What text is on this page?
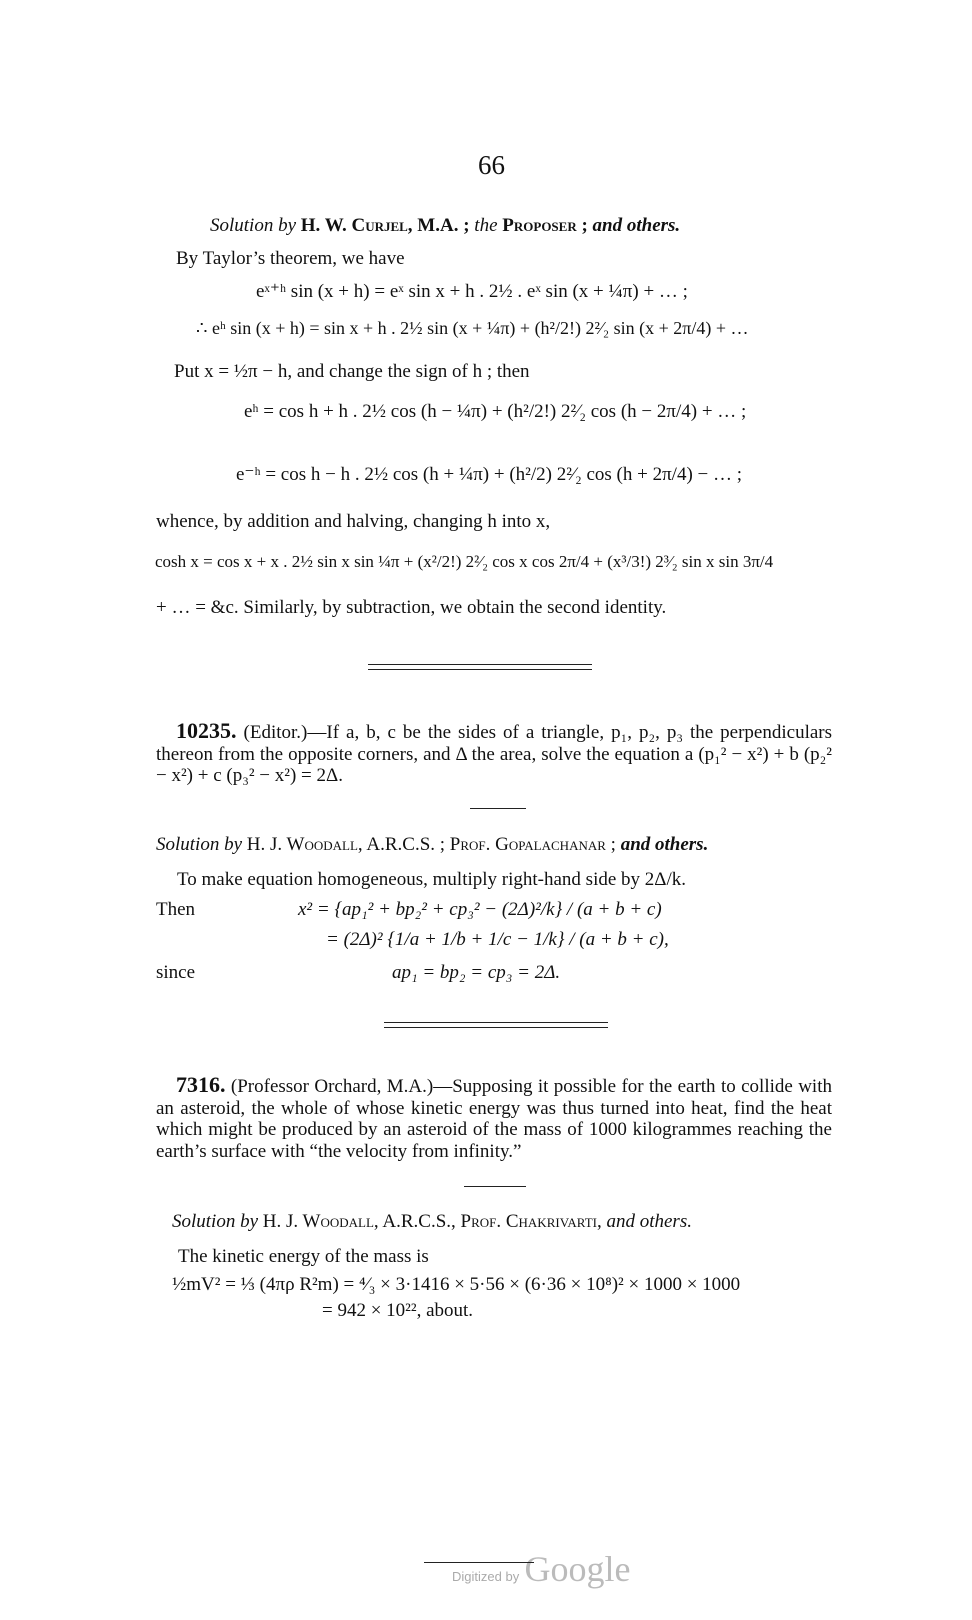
66
Solution by H. W. Curjel, M.A. ; the Proposer ; and others.
By Taylor’s theorem, we have
eˣ⁺ʰ sin (x + h) = eˣ sin x + h . 2½ . eˣ sin (x + ¼π) + … ;
∴ eʰ sin (x + h) = sin x + h . 2½ sin (x + ¼π) + (h²/2!) 2²⁄₂ sin (x + 2π/4) + …
Put x = ½π − h, and change the sign of h ; then
eʰ = cos h + h . 2½ cos (h − ¼π) + (h²/2!) 2²⁄₂ cos (h − 2π/4) + … ;
e⁻ʰ = cos h − h . 2½ cos (h + ¼π) + (h²/2) 2²⁄₂ cos (h + 2π/4) − … ;
whence, by addition and halving, changing h into x,
cosh x = cos x + x . 2½ sin x sin ¼π + (x²/2!) 2²⁄₂ cos x cos 2π/4 + (x³/3!) 2³⁄₂ sin x sin 3π/4
+ … = &c. Similarly, by subtraction, we obtain the second identity.
10235. (Editor.)—If a, b, c be the sides of a triangle, p₁, p₂, p₃ the perpendiculars thereon from the opposite corners, and Δ the area, solve the equation a (p₁² − x²) + b (p₂² − x²) + c (p₃² − x²) = 2Δ.
Solution by H. J. Woodall, A.R.C.S. ; Prof. Gopalachanar ; and others.
To make equation homogeneous, multiply right-hand side by 2Δ/k.
Then	x² = {ap₁² + bp₂² + cp₃² − (2Δ)²/k} / (a + b + c)
= (2Δ)² {1/a + 1/b + 1/c − 1/k} / (a + b + c),
since	ap₁ = bp₂ = cp₃ = 2Δ.
7316. (Professor Orchard, M.A.)—Supposing it possible for the earth to collide with an asteroid, the whole of whose kinetic energy was thus turned into heat, find the heat which might be produced by an asteroid of the mass of 1000 kilogrammes reaching the earth’s surface with “the velocity from infinity.”
Solution by H. J. Woodall, A.R.C.S., Prof. Chakrivarti, and others.
The kinetic energy of the mass is
½mV² = ⅓ (4πρ R²m) = ⁴⁄₃ × 3·1416 × 5·56 × (6·36 × 10⁸)² × 1000 × 1000
= 942 × 10²², about.
Digitized by Google
